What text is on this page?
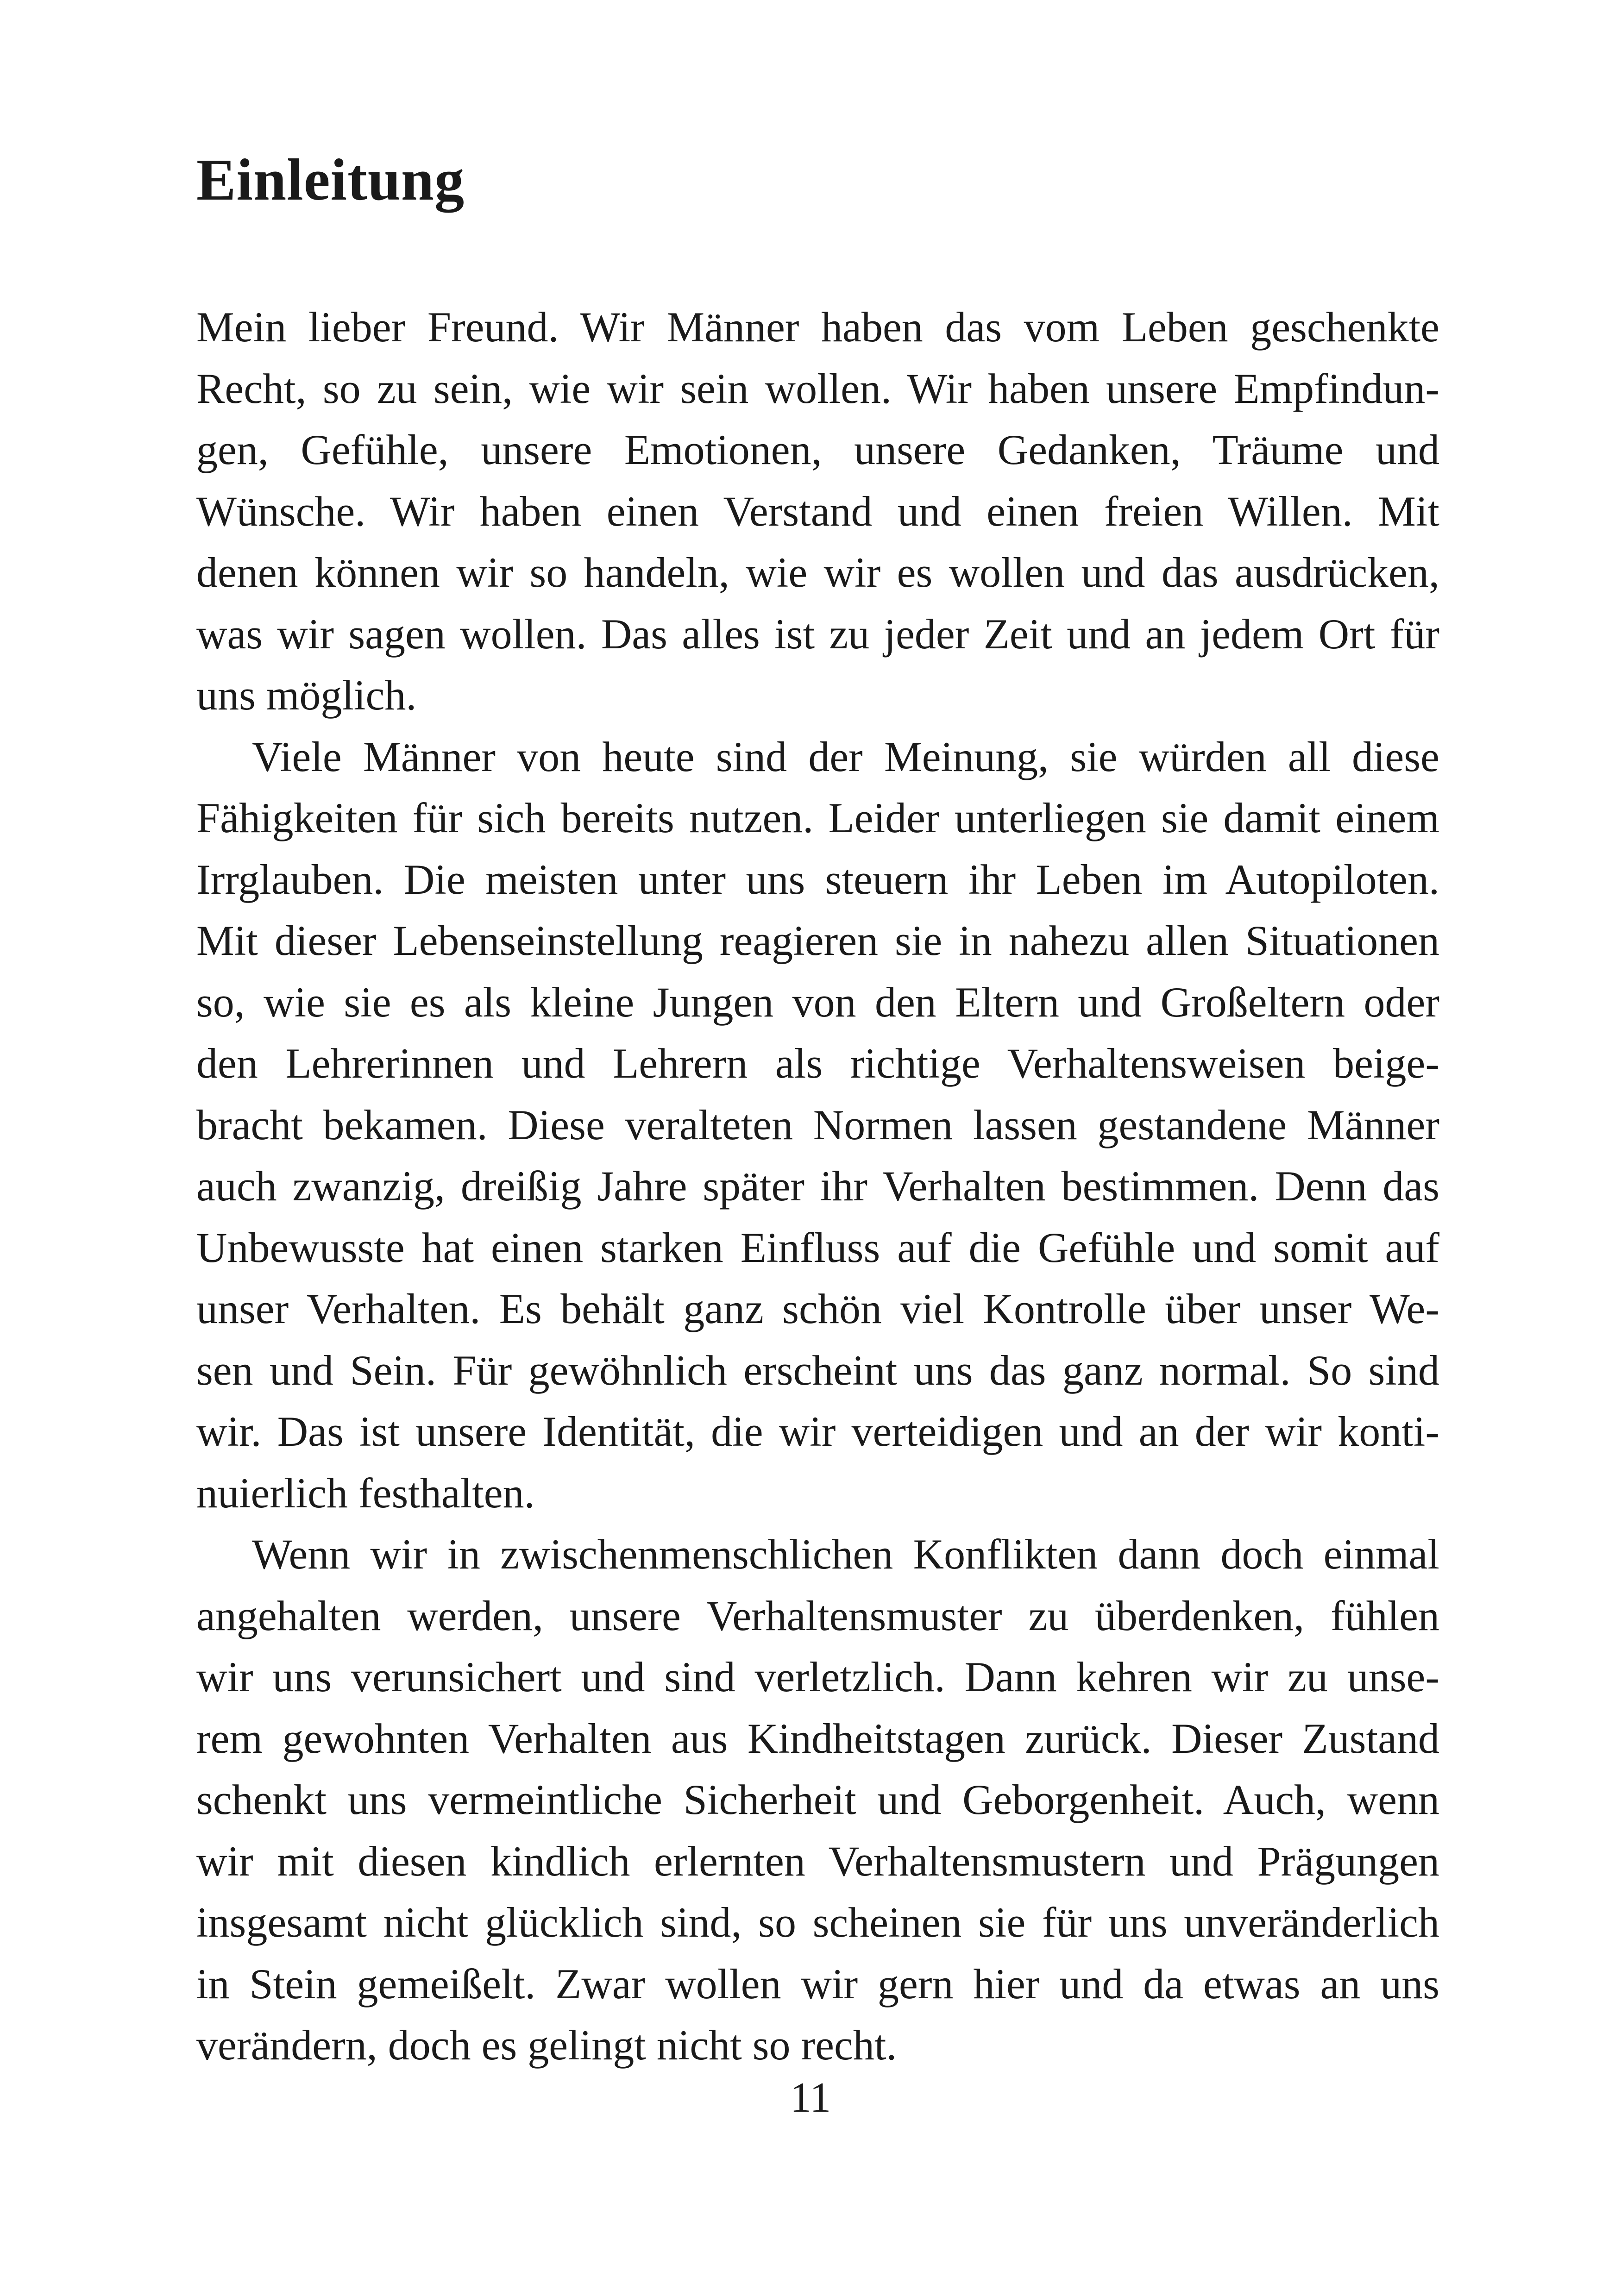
Einleitung
Mein lieber Freund. Wir Männer haben das vom Leben geschenkte
Recht, so zu sein, wie wir sein wollen. Wir haben unsere Empfindun-
gen, Gefühle, unsere Emotionen, unsere Gedanken, Träume und
Wünsche. Wir haben einen Verstand und einen freien Willen. Mit
denen können wir so handeln, wie wir es wollen und das ausdrücken,
was wir sagen wollen. Das alles ist zu jeder Zeit und an jedem Ort für
uns möglich.
Viele Männer von heute sind der Meinung, sie würden all diese
Fähigkeiten für sich bereits nutzen. Leider unterliegen sie damit einem
Irrglauben. Die meisten unter uns steuern ihr Leben im Autopiloten.
Mit dieser Lebenseinstellung reagieren sie in nahezu allen Situationen
so, wie sie es als kleine Jungen von den Eltern und Großeltern oder
den Lehrerinnen und Lehrern als richtige Verhaltensweisen beige-
bracht bekamen. Diese veralteten Normen lassen gestandene Männer
auch zwanzig, dreißig Jahre später ihr Verhalten bestimmen. Denn das
Unbewusste hat einen starken Einfluss auf die Gefühle und somit auf
unser Verhalten. Es behält ganz schön viel Kontrolle über unser We-
sen und Sein. Für gewöhnlich erscheint uns das ganz normal. So sind
wir. Das ist unsere Identität, die wir verteidigen und an der wir konti-
nuierlich festhalten.
Wenn wir in zwischenmenschlichen Konflikten dann doch einmal
angehalten werden, unsere Verhaltensmuster zu überdenken, fühlen
wir uns verunsichert und sind verletzlich. Dann kehren wir zu unse-
rem gewohnten Verhalten aus Kindheitstagen zurück. Dieser Zustand
schenkt uns vermeintliche Sicherheit und Geborgenheit. Auch, wenn
wir mit diesen kindlich erlernten Verhaltensmustern und Prägungen
insgesamt nicht glücklich sind, so scheinen sie für uns unveränderlich
in Stein gemeißelt. Zwar wollen wir gern hier und da etwas an uns
verändern, doch es gelingt nicht so recht.
11
